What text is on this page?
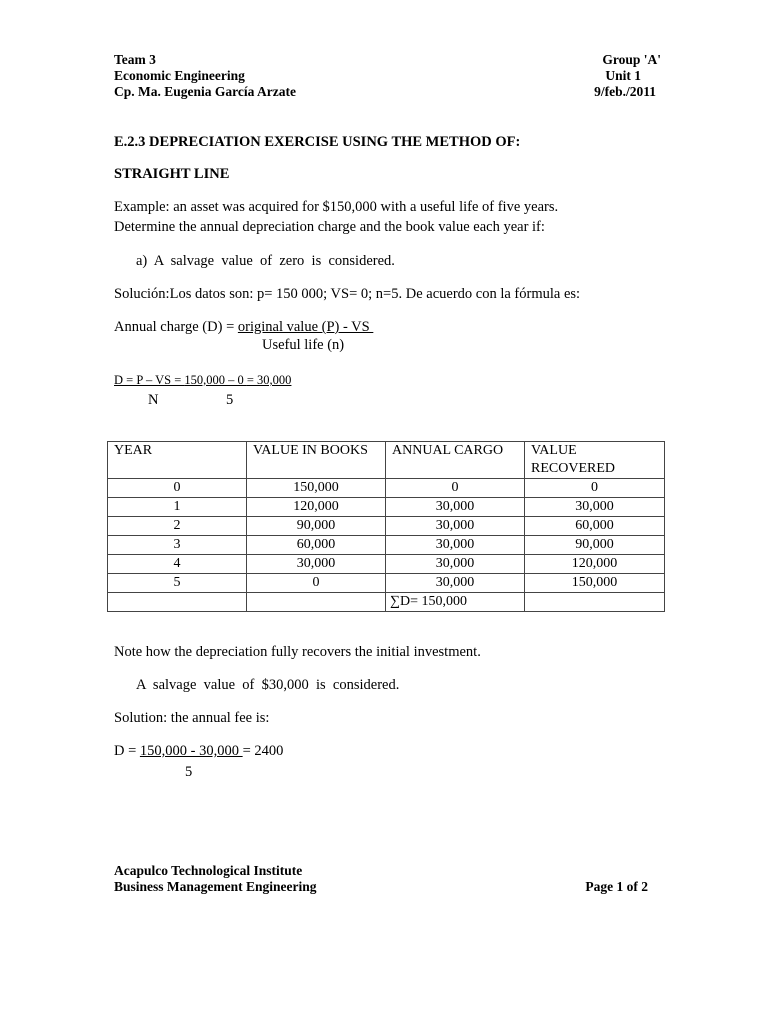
Team 3
Economic Engineering
Cp. Ma. Eugenia García Arzate
Group 'A'
Unit 1
9/feb./2011
E.2.3 DEPRECIATION EXERCISE USING THE METHOD OF:
STRAIGHT LINE
Example: an asset was acquired for $150,000 with a useful life of five years.
Determine the annual depreciation charge and the book value each year if:
a)  A  salvage  value  of  zero  is  considered.
Solución:Los datos son: p= 150 000; VS= 0; n=5. De acuerdo con la fórmula es:
Annual charge (D) = original value (P) - VS
Useful life (n)
D = P – VS = 150,000 – 0 = 30,000
N	5
YEAR	VALUE IN BOOKS	ANNUAL CARGO	VALUE RECOVERED
0	150,000	0	0
1	120,000	30,000	30,000
2	90,000	30,000	60,000
3	60,000	30,000	90,000
4	30,000	30,000	120,000
5	0	30,000	150,000
		∑D= 150,000	
Note how the depreciation fully recovers the initial investment.
A  salvage  value  of  $30,000  is  considered.
Solution: the annual fee is:
D = 150,000 - 30,000 = 2400
5
Acapulco Technological Institute
Business Management Engineering	Page 1 of 2
